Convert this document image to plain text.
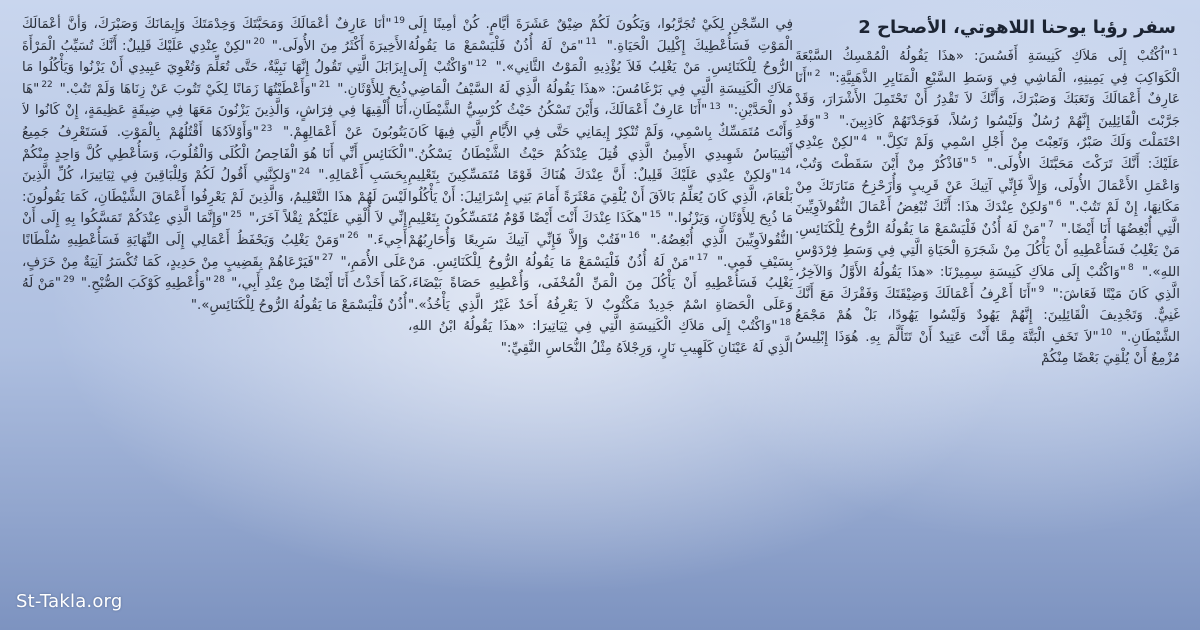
سفر رؤيا يوحنا اللاهوتي، الأصحاح 2
$^1$"اُكْتُبْ إِلَى مَلاَكِ كَنِيسَةِ أَفَسُسَ: «هذَا يَقُولُهُ الْمُمْسِكُ السَّبْعَةَ الْكَوَاكِبَ فِي يَمِينِهِ، الْمَاشِي فِي وَسَطِ السَّبْعِ الْمَنَايِرِ الذَّهَبِيَّةِ:" $^2$"أَنَا عَارِفٌ أَعْمَالَكَ وَتَعَبَكَ وَصَبْرَكَ، وَأَنَّكَ لاَ تَقْدِرُ أَنْ تَحْتَمِلَ الأَشْرَارَ، وَقَدْ جَرَّبْتَ الْقَائِلِينَ إِنَّهُمْ رُسُلٌ وَلَيْسُوا رُسُلاً، فَوَجَدْتَهُمْ كَاذِبِينَ." $^3$"وَقَدِ احْتَمَلْتَ وَلَكَ صَبْرٌ، وَتَعِبْتَ مِنْ أَجْلِ اسْمِي وَلَمْ تَكِلَّ." $^4$"لكِنْ عِنْدِي عَلَيْكَ: أَنَّكَ تَرَكْتَ مَحَبَّتَكَ الأُولَى." $^5$"فَاذْكُرْ مِنْ أَيْنَ سَقَطْتَ وَتُبْ، وَاعْمَلِ الأَعْمَالَ الأُولَى، وَإِلاَّ فَإِنِّي آتِيكَ عَنْ قَرِيبٍ وَأُزَحْزِحُ مَنَارَتَكَ مِنْ مَكَانِهَا، إِنْ لَمْ تَتُبْ." $^6$"وَلكِنْ عِنْدَكَ هذَا: أَنَّكَ تُبْغِضُ أَعْمَالَ النُّقُولاَوِيِّينَ الَّتِي أُبْغِضُهَا أَنَا أَيْضًا." $^7$"مَنْ لَهُ أُذُنٌ فَلْيَسْمَعْ مَا يَقُولُهُ الرُّوحُ لِلْكَنَائِسِ. مَنْ يَغْلِبُ فَسَأُعْطِيهِ أَنْ يَأْكُلَ مِنْ شَجَرَةِ الْحَيَاةِ الَّتِي فِي وَسَطِ فِرْدَوْسِ اللهِ»." $^8$"وَاكْتُبْ إِلَى مَلاَكِ كَنِيسَةِ سِمِيرْنَا: «هذَا يَقُولُهُ الأَوَّلُ وَالآخِرُ، الَّذِي كَانَ مَيْتًا فَعَاشَ:" $^9$"أَنَا أَعْرِفُ أَعْمَالَكَ وَضِيْقَتَكَ وَفَقْرَكَ مَعَ أَنَّكَ غَنِيٌّ. وَتَجْدِيفَ الْقَائِلِينَ: إِنَّهُمْ يَهُودٌ وَلَيْسُوا يَهُودًا، بَلْ هُمْ مَجْمَعُ الشَّيْطَانِ." $^{10}$"لاَ تَخَفِ الْبَتَّةَ مِمَّا أَنْتَ عَتِيدٌ أَنْ تَتَأَلَّمَ بِهِ. هُوَذَا إِبْلِيسُ مُزْمِعٌ أَنْ يُلْقِيَ بَعْضًا مِنْكُمْ
فِي السِّجْنِ لِكَيْ تُجَرَّبُوا، وَيَكُونَ لَكُمْ ضِيْقٌ عَشَرَةَ أَيَّامٍ. كُنْ أَمِينًا إِلَى الْمَوْتِ فَسَأُعْطِيكَ إِكْلِيلَ الْحَيَاةِ." $^{11}$"مَنْ لَهُ أُذُنٌ فَلْيَسْمَعْ مَا يَقُولُهُ الرُّوحُ لِلْكَنَائِسِ. مَنْ يَغْلِبُ فَلاَ يُؤْذِيهِ الْمَوْتُ الثَّانِي»." $^{12}$"وَاكْتُبْ إِلَى مَلاَكِ الْكَنِيسَةِ الَّتِي فِي بَرْغَامُسَ: «هذَا يَقُولُهُ الَّذِي لَهُ السَّيْفُ الْمَاضِي ذُو الْحَدَّيْنِ:" $^{13}$"أَنَا عَارِفٌ أَعْمَالَكَ، وَأَيْنَ تَسْكُنُ حَيْثُ كُرْسِيُّ الشَّيْطَانِ، وَأَنْتَ مُتَمَسِّكٌ بِاسْمِي، وَلَمْ تُنْكِرْ إِيمَانِي حَتَّى فِي الأَيَّامِ الَّتِي فِيهَا كَانَ أَنْتِيبَاسُ شَهِيدِي الأَمِينُ الَّذِي قُتِلَ عِنْدَكُمْ حَيْثُ الشَّيْطَانُ يَسْكُنُ." $^{14}$"وَلكِنْ عِنْدِي عَلَيْكَ قَلِيلٌ: أَنَّ عِنْدَكَ هُنَاكَ قَوْمًا مُتَمَسِّكِينَ بِتَعْلِيمِ بَلْعَامَ، الَّذِي كَانَ يُعَلِّمُ بَالاَقَ أَنْ يُلْقِيَ مَعْثَرَةً أَمَامَ بَنِي إِسْرَائِيلَ: أَنْ يَأْكُلُوا مَا ذُبِحَ لِلأَوْثَانِ، وَيَزْنُوا." $^{15}$"هكَذَا عِنْدَكَ أَنْتَ أَيْضًا قَوْمٌ مُتَمَسِّكُونَ بِتَعْلِيمِ النُّقُولاَوِيِّينَ الَّذِي أُبْغِضُهُ." $^{16}$"فَتُبْ وَإِلاَّ فَإِنِّي آتِيكَ سَرِيعًا وَأُحَارِبُهُمْ بِسَيْفِ فَمِي." $^{17}$"مَنْ لَهُ أُذُنٌ فَلْيَسْمَعْ مَا يَقُولُهُ الرُّوحُ لِلْكَنَائِسِ. مَنْ يَغْلِبُ فَسَأُعْطِيهِ أَنْ يَأْكُلَ مِنَ الْمَنِّ الْمُخْفَى، وَأُعْطِيهِ حَصَاةً بَيْضَاءَ، وَعَلَى الْحَصَاةِ اسْمٌ جَدِيدٌ مَكْتُوبٌ لاَ يَعْرِفُهُ أَحَدٌ غَيْرُ الَّذِي يَأْخُذُ»." $^{18}$"وَاكْتُبْ إِلَى مَلاَكِ الْكَنِيسَةِ الَّتِي فِي ثِيَاتِيرَا: «هذَا يَقُولُهُ ابْنُ اللهِ، الَّذِي لَهُ عَيْنَانِ كَلَهِيبِ نَارٍ، وَرِجْلاَهُ مِثْلُ النُّحَاسِ النَّقِيِّ:"
$^{19}$"أَنَا عَارِفٌ أَعْمَالَكَ وَمَحَبَّتَكَ وَخِدْمَتَكَ وَإِيمَانَكَ وَصَبْرَكَ، وَأَنَّ أَعْمَالَكَ الأَخِيرَةَ أَكْثَرُ مِنَ الأُولَى." $^{20}$"لكِنْ عِنْدِي عَلَيْكَ قَلِيلٌ: أَنَّكَ تُسَيِّبُ الْمَرْأَةَ إِيزَابَلَ الَّتِي تَقُولُ إِنَّهَا نَبِيَّةٌ، حَتَّى تُعَلِّمَ وَتُغْوِيَ عَبِيدِي أَنْ يَزْنُوا وَيَأْكُلُوا مَا ذُبِحَ لِلأَوْثَانِ." $^{21}$"وَأَعْطَيْتُهَا زَمَانًا لِكَيْ تَتُوبَ عَنْ زِنَاهَا وَلَمْ تَتُبْ." $^{22}$"هَا أَنَا أُلْقِيهَا فِي فِرَاشٍ، وَالَّذِينَ يَزْنُونَ مَعَهَا فِي ضِيقَةٍ عَظِيمَةٍ، إِنْ كَانُوا لاَ يَتُوبُونَ عَنْ أَعْمَالِهِمْ." $^{23}$"وَأَوْلاَدُهَا أَقْتُلُهُمْ بِالْمَوْتِ. فَسَتَعْرِفُ جَمِيعُ الْكَنَائِسِ أَنِّي أَنَا هُوَ الْفَاحِصُ الْكُلَى وَالْقُلُوبَ، وَسَأُعْطِي كُلَّ وَاحِدٍ مِنْكُمْ بِحَسَبِ أَعْمَالِهِ." $^{24}$"وَلكِنَّنِي أَقُولُ لَكُمْ وَلِلْبَاقِينَ فِي ثِيَاتِيرَا، كُلِّ الَّذِينَ لَيْسَ لَهُمْ هذَا التَّعْلِيمُ، وَالَّذِينَ لَمْ يَعْرِفُوا أَعْمَاقَ الشَّيْطَانِ، كَمَا يَقُولُونَ: إِنِّي لاَ أُلْقِي عَلَيْكُمْ ثِقْلاً آخَرَ،" $^{25}$"وَإِنَّمَا الَّذِي عِنْدَكُمْ تَمَسَّكُوا بِهِ إِلَى أَنْ أَجِيءَ." $^{26}$"وَمَنْ يَغْلِبُ وَيَحْفَظُ أَعْمَالِي إِلَى النِّهَايَةِ فَسَأُعْطِيهِ سُلْطَانًا عَلَى الأُمَمِ،" $^{27}$"فَيَرْعَاهُمْ بِقَضِيبٍ مِنْ حَدِيدٍ، كَمَا تُكْسَرُ آنِيَةٌ مِنْ خَزَفٍ، كَمَا أَخَذْتُ أَنَا أَيْضًا مِنْ عِنْدِ أَبِي،" $^{28}$"وَأُعْطِيهِ كَوْكَبَ الصُّبْحِ." $^{29}$"مَنْ لَهُ أُذُنٌ فَلْيَسْمَعْ مَا يَقُولُهُ الرُّوحُ لِلْكَنَائِسِ»."
St-Takla.org
